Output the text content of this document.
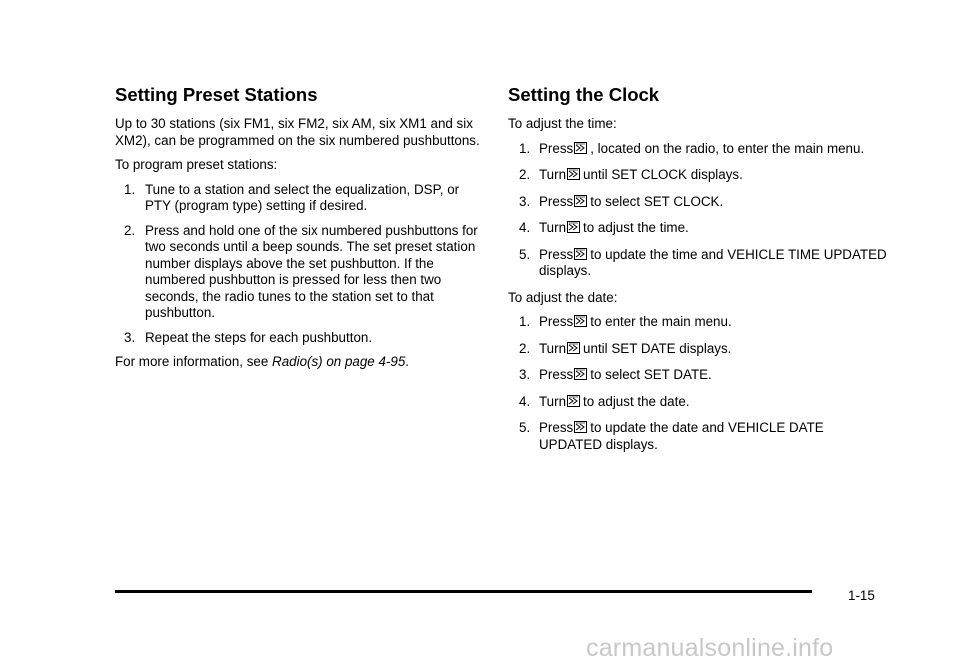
Setting Preset Stations

Up to 30 stations (six FM1, six FM2, six AM, six XM1 and six XM2), can be programmed on the six numbered pushbuttons.

To program preset stations:

1. Tune to a station and select the equalization, DSP, or PTY (program type) setting if desired.
2. Press and hold one of the six numbered pushbuttons for two seconds until a beep sounds. The set preset station number displays above the set pushbutton. If the numbered pushbutton is pressed for less then two seconds, the radio tunes to the station set to that pushbutton.
3. Repeat the steps for each pushbutton.

For more information, see Radio(s) on page 4-95.

Setting the Clock

To adjust the time:

1. Press , located on the radio, to enter the main menu.
2. Turn until SET CLOCK displays.
3. Press to select SET CLOCK.
4. Turn to adjust the time.
5. Press to update the time and VEHICLE TIME UPDATED displays.

To adjust the date:

1. Press to enter the main menu.
2. Turn until SET DATE displays.
3. Press to select SET DATE.
4. Turn to adjust the date.
5. Press to update the date and VEHICLE DATE UPDATED displays.
1-15
carmanualsonline.info
